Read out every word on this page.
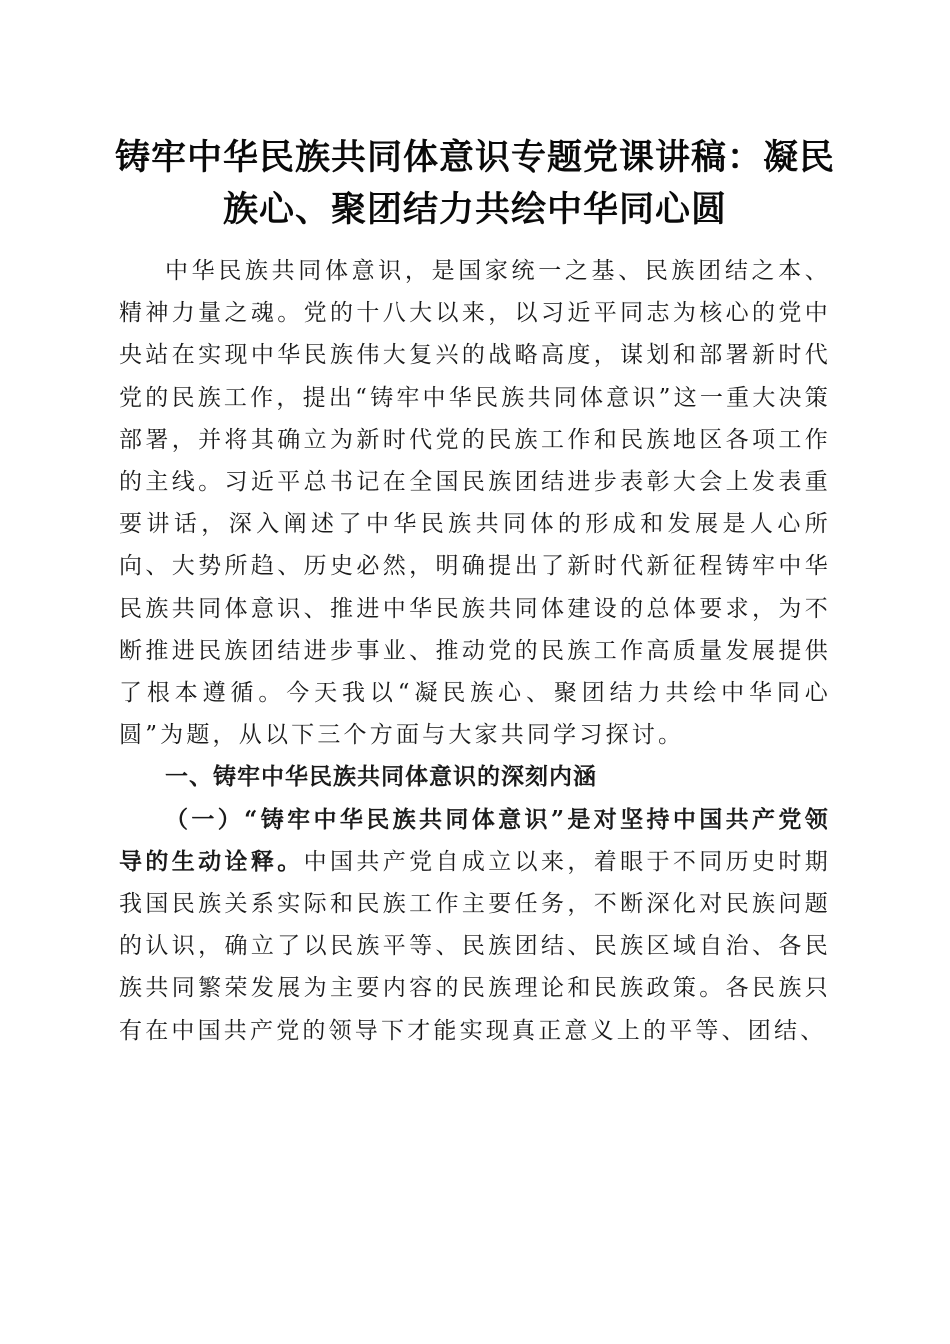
铸牢中华民族共同体意识专题党课讲稿：凝民族心、聚团结力共绘中华同心圆

中华民族共同体意识，是国家统一之基、民族团结之本、精神力量之魂。党的十八大以来，以习近平同志为核心的党中央站在实现中华民族伟大复兴的战略高度，谋划和部署新时代党的民族工作，提出“铸牢中华民族共同体意识”这一重大决策部署，并将其确立为新时代党的民族工作和民族地区各项工作的主线。习近平总书记在全国民族团结进步表彰大会上发表重要讲话，深入阐述了中华民族共同体的形成和发展是人心所向、大势所趋、历史必然，明确提出了新时代新征程铸牢中华民族共同体意识、推进中华民族共同体建设的总体要求，为不断推进民族团结进步事业、推动党的民族工作高质量发展提供了根本遵循。今天我以“凝民族心、聚团结力共绘中华同心圆”为题，从以下三个方面与大家共同学习探讨。

一、铸牢中华民族共同体意识的深刻内涵

（一）“铸牢中华民族共同体意识”是对坚持中国共产党领导的生动诠释。中国共产党自成立以来，着眼于不同历史时期我国民族关系实际和民族工作主要任务，不断深化对民族问题的认识，确立了以民族平等、民族团结、民族区域自治、各民族共同繁荣发展为主要内容的民族理论和民族政策。各民族只有在中国共产党的领导下才能实现真正意义上的平等、团结、
